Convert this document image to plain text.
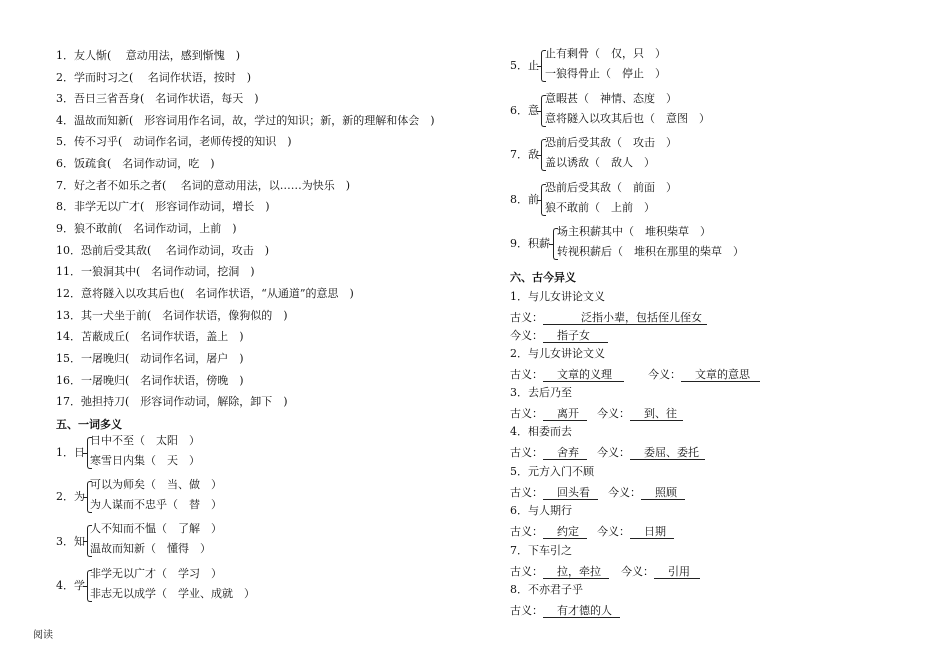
1．友人惭(　 意动用法，感到惭愧　)
2．学而时习之(　 名词作状语，按时　)
3．吾日三省吾身(　名词作状语，每天　)
4．温故而知新(　形容词用作名词，故，学过的知识；新，新的理解和体会　)
5．传不习乎(　动词作名词，老师传授的知识　)
6．饭疏食(　名词作动词，吃　)
7．好之者不如乐之者(　 名词的意动用法，以……为快乐　)
8．非学无以广才(　形容词作动词，增长　)
9．狼不敢前(　名词作动词，上前　)
10．恐前后受其敌(　 名词作动词，攻击　)
11．一狼洞其中(　名词作动词，挖洞　)
12．意将隧入以攻其后也(　名词作状语，“从通道”的意思　)
13．其一犬坐于前(　名词作状语，像狗似的　)
14．苫蔽成丘(　名词作状语，盖上　)
15．一屠晚归(　动词作名词，屠户　)
16．一屠晚归(　名词作状语，傍晚　)
17．弛担持刀(　形容词作动词，解除，卸下　)
五、一词多义
1．日
日中不至（　太阳　）
寒雪日内集（　天　）
2．为
可以为师矣（　当、做　）
为人谋而不忠乎（　替　）
3．知
人不知而不愠（　了解　）
温故而知新（　懂得　）
4．学
非学无以广才（　学习　）
非志无以成学（　学业、成就　）
阅读
5．止
止有剩骨（　仅，只　）
一狼得骨止（　停止　）
6．意
意暇甚（　神情、态度　）
意将隧入以攻其后也（　意图　）
7．敌
恐前后受其敌（　攻击　）
盖以诱敌（　敌人　）
8．前
恐前后受其敌（　前面　）
狼不敢前（　上前　）
9．积薪
场主积薪其中（　堆积柴草　）
转视积薪后（　堆积在那里的柴草　）
六、古今异义
1．与儿女讲论文义
古义：	泛指小辈，包括侄儿侄女
今义： 指子女
2．与儿女讲论文义
古义： 文章的义理	今义： 文章的意思
3．去后乃至
古义： 离开 今义： 到、往
4．相委而去
古义： 舍弃 今义： 委屈、委托
5．元方入门不顾
古义： 回头看 今义： 照顾
6．与人期行
古义： 约定 今义： 日期
7．下车引之
古义： 拉，牵拉 今义： 引用
8．不亦君子乎
古义： 有才德的人
